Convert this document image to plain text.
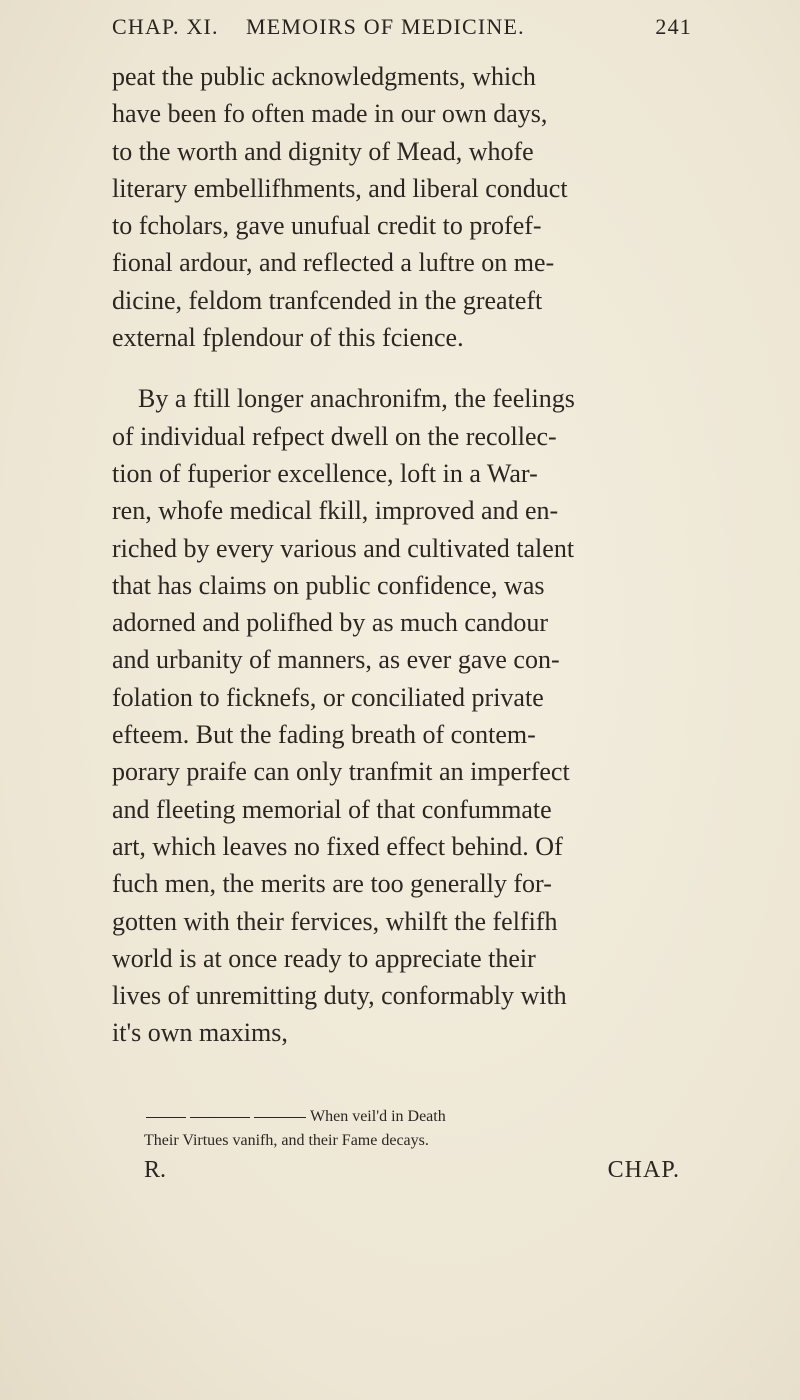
CHAP. XI. MEMOIRS OF MEDICINE.	241
peat the public acknowledgments, which
have been fo often made in our own days,
to the worth and dignity of Mead, whofe
literary embellifhments, and liberal conduct
to fcholars, gave unufual credit to profef-
fional ardour, and reflected a luftre on me-
dicine, feldom tranfcended in the greateft
external fplendour of this fcience.
By a ftill longer anachronifm, the feelings
of individual refpect dwell on the recollec-
tion of fuperior excellence, loft in a War-
ren, whofe medical fkill, improved and en-
riched by every various and cultivated talent
that has claims on public confidence, was
adorned and polifhed by as much candour
and urbanity of manners, as ever gave con-
folation to ficknefs, or conciliated private
efteem. But the fading breath of contem-
porary praife can only tranfmit an imperfect
and fleeting memorial of that confummate
art, which leaves no fixed effect behind. Of
fuch men, the merits are too generally for-
gotten with their fervices, whilft the felfifh
world is at once ready to appreciate their
lives of unremitting duty, conformably with
it's own maxims,
When veil'd in Death
Their Virtues vanifh, and their Fame decays.
R.	CHAP.
